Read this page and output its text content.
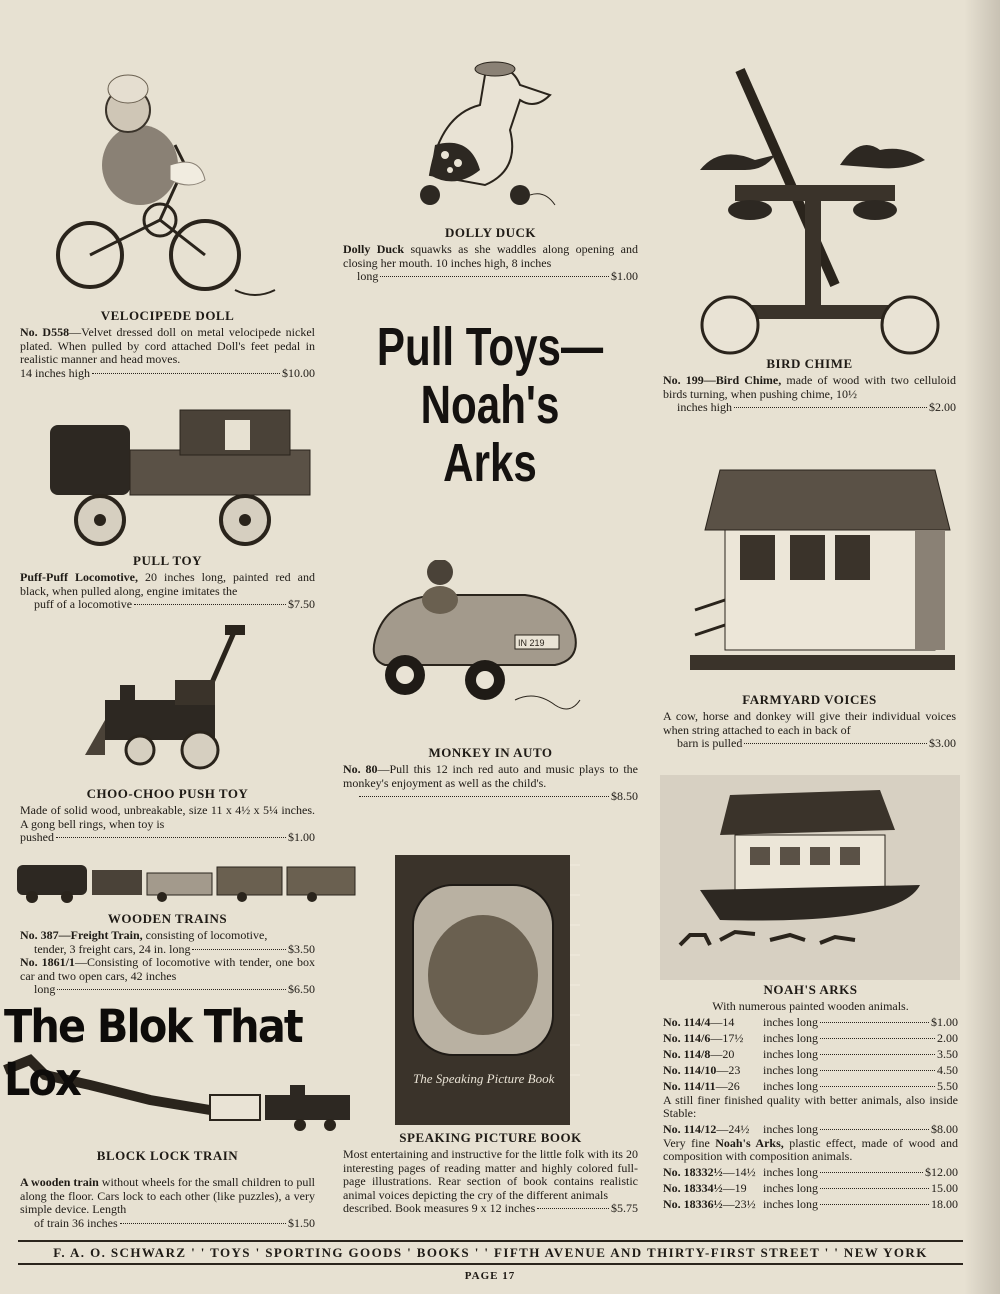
IN 219
The Speaking Picture Book
Pull Toys—
Noah's
Arks
VELOCIPEDE DOLL
No. D558—Velvet dressed doll on metal velocipede nickel plated. When pulled by cord attached Doll's feet pedal in realistic manner and head moves.
14 inches high	$10.00
DOLLY DUCK
Dolly Duck squawks as she waddles along opening and closing her mouth. 10 inches high, 8 inches
long	$1.00
BIRD CHIME
No. 199—Bird Chime, made of wood with two celluloid birds turning, when pushing chime, 10½
inches high	$2.00
PULL TOY
Puff-Puff Locomotive, 20 inches long, painted red and black, when pulled along, engine imitates the
puff of a locomotive	$7.50
FARMYARD VOICES
A cow, horse and donkey will give their individual voices when string attached to each in back of
barn is pulled	$3.00
MONKEY IN AUTO
No. 80—Pull this 12 inch red auto and music plays to the monkey's enjoyment as well as the child's.
$8.50
CHOO-CHOO PUSH TOY
Made of solid wood, unbreakable, size 11 x 4½ x 5¼ inches. A gong bell rings, when toy is
pushed	$1.00
WOODEN TRAINS
No. 387—Freight Train, consisting of locomotive,
tender, 3 freight cars, 24 in. long	$3.50
No. 1861/1—Consisting of locomotive with tender, one box car and two open cars, 42 inches
long	$6.50
The Blok That Lox
BLOCK LOCK TRAIN
A wooden train without wheels for the small children to pull along the floor. Cars lock to each other (like puzzles), a very simple device. Length
of train 36 inches	$1.50
SPEAKING PICTURE BOOK
Most entertaining and instructive for the little folk with its 20 interesting pages of reading matter and highly colored full-page illustrations. Rear section of book contains realistic animal voices depicting the cry of the different animals
described. Book measures 9 x 12 inches	$5.75
NOAH'S ARKS
With numerous painted wooden animals.
No. 114/4—14	inches long	$1.00
No. 114/6—17½	inches long	2.00
No. 114/8—20	inches long	3.50
No. 114/10—23	inches long	4.50
No. 114/11—26	inches long	5.50
A still finer finished quality with better animals, also inside Stable:
No. 114/12—24½	inches long	$8.00
Very fine Noah's Arks, plastic effect, made of wood and composition with composition animals.
No. 18332½—14½ inches long	$12.00
No. 18334½—19	inches long	15.00
No. 18336½—23½ inches long	18.00
F. A. O. SCHWARZ ' ' TOYS ' SPORTING GOODS ' BOOKS ' ' FIFTH AVENUE AND THIRTY-FIRST STREET ' ' NEW YORK
PAGE 17
